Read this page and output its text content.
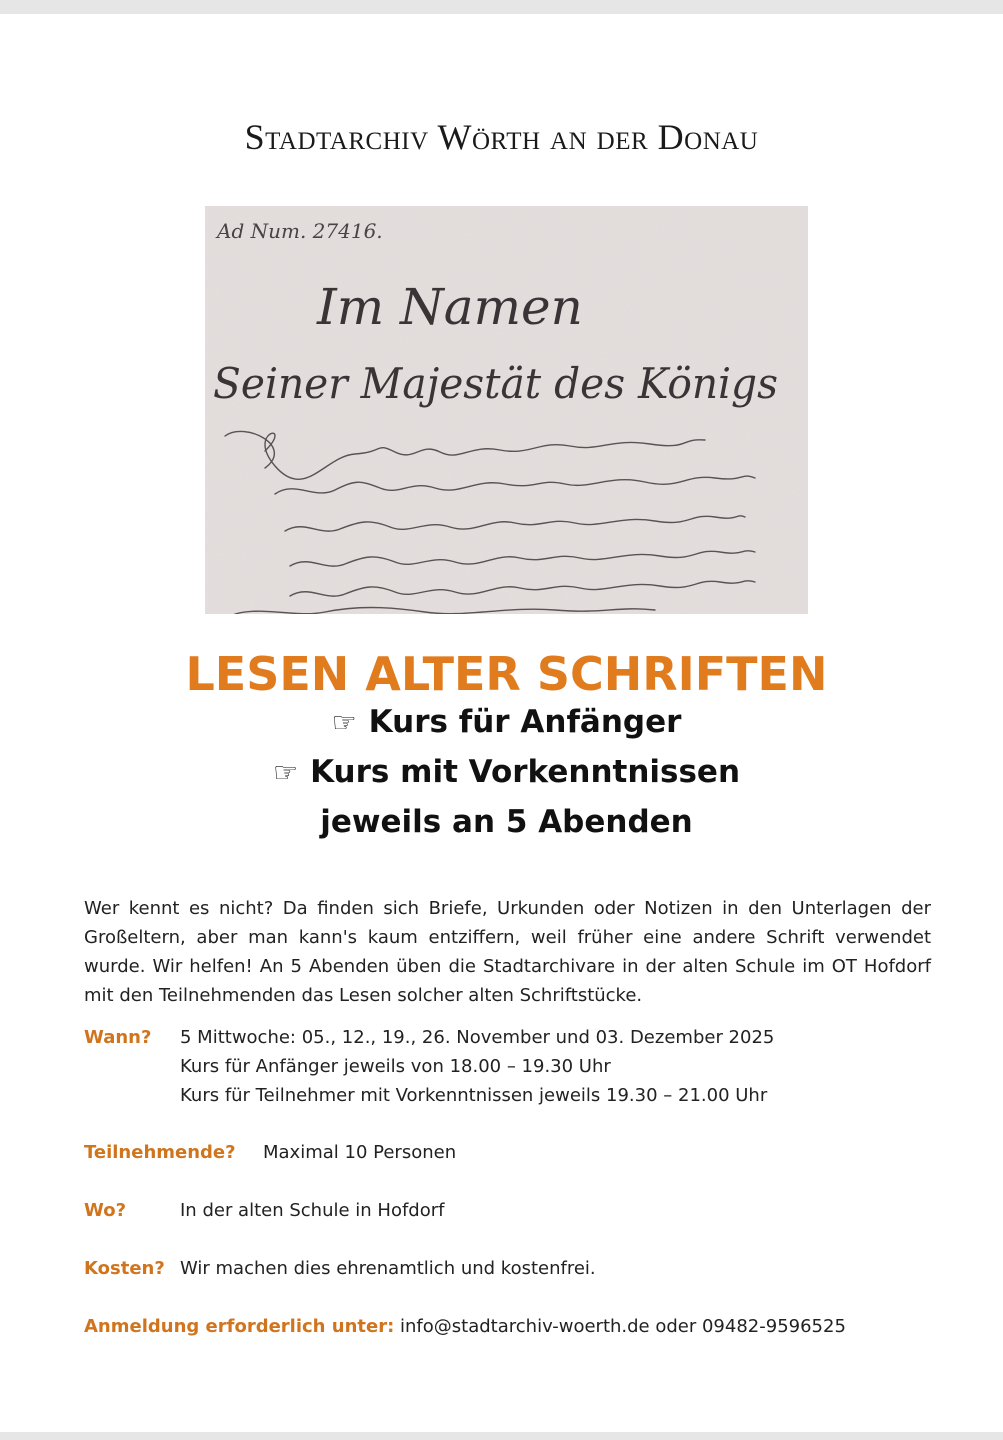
Stadtarchiv Wörth an der Donau
Ad Num. 27416.
Im Namen
Seiner Majestät des Königs
LESEN ALTER SCHRIFTEN
☞ Kurs für Anfänger
☞ Kurs mit Vorkenntnissen
jeweils an 5 Abenden
Wer kennt es nicht? Da finden sich Briefe, Urkunden oder Notizen in den Unterlagen der Großeltern, aber man kann's kaum entziffern, weil früher eine andere Schrift verwendet wurde. Wir helfen! An 5 Abenden üben die Stadtarchivare in der alten Schule im OT Hofdorf mit den Teilnehmenden das Lesen solcher alten Schriftstücke.
Wann? 5 Mittwoche: 05., 12., 19., 26. November und 03. Dezember 2025
Kurs für Anfänger jeweils von 18.00 – 19.30 Uhr
Kurs für Teilnehmer mit Vorkenntnissen jeweils 19.30 – 21.00 Uhr
Teilnehmende? Maximal 10 Personen
Wo?	In der alten Schule in Hofdorf
Kosten? Wir machen dies ehrenamtlich und kostenfrei.
Anmeldung erforderlich unter: info@stadtarchiv-woerth.de oder 09482-9596525
